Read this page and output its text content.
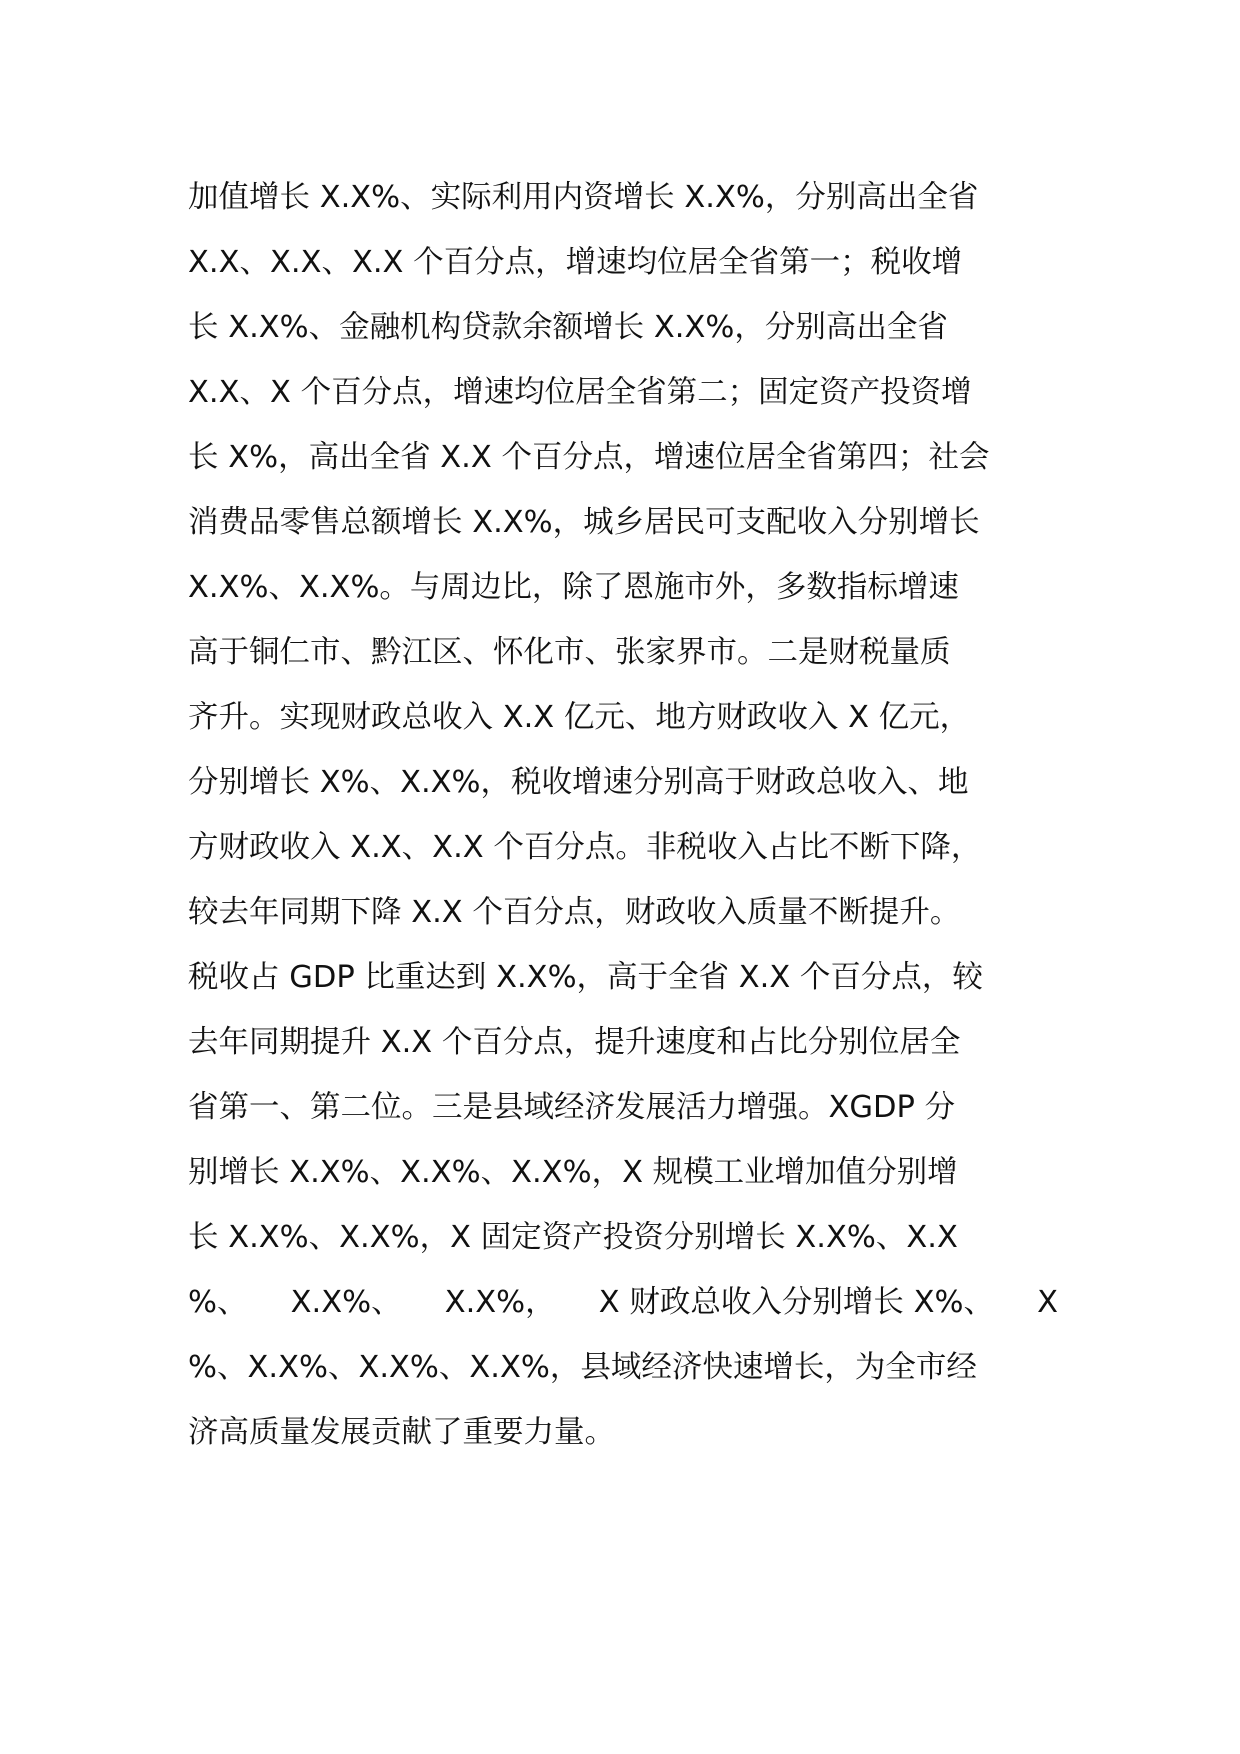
加值增长 X.X%、实际利用内资增长 X.X%，分别高出全省
X.X、X.X、X.X 个百分点，增速均位居全省第一；税收增
长 X.X%、金融机构贷款余额增长 X.X%，分别高出全省
X.X、X 个百分点，增速均位居全省第二；固定资产投资增
长 X%，高出全省 X.X 个百分点，增速位居全省第四；社会
消费品零售总额增长 X.X%，城乡居民可支配收入分别增长
X.X%、X.X%。与周边比，除了恩施市外，多数指标增速
高于铜仁市、黔江区、怀化市、张家界市。二是财税量质
齐升。实现财政总收入 X.X 亿元、地方财政收入 X 亿元，
分别增长 X%、X.X%，税收增速分别高于财政总收入、地
方财政收入 X.X、X.X 个百分点。非税收入占比不断下降，
较去年同期下降 X.X 个百分点，财政收入质量不断提升。
税收占 GDP 比重达到 X.X%，高于全省 X.X 个百分点，较
去年同期提升 X.X 个百分点，提升速度和占比分别位居全
省第一、第二位。三是县域经济发展活力增强。XGDP 分
别增长 X.X%、X.X%、X.X%，X 规模工业增加值分别增
长 X.X%、X.X%，X 固定资产投资分别增长 X.X%、X.X
%、 X.X%、 X.X%， X 财政总收入分别增长 X%、 X
%、X.X%、X.X%、X.X%，县域经济快速增长，为全市经
济高质量发展贡献了重要力量。
